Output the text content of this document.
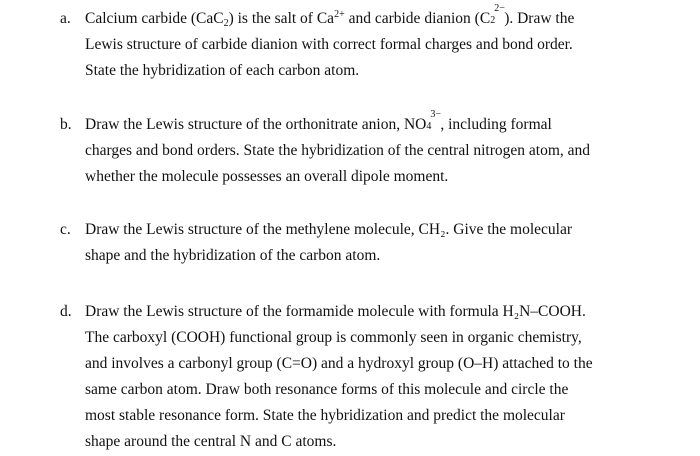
a. Calcium carbide (CaC$_2$) is the salt of $Ca^{2+}$ and carbide dianion (C 2
2−
). Draw the
Lewis structure of carbide dianion with correct formal charges and bond order.
State the hybridization of each carbon atom.
b. Draw the Lewis structure of the orthonitrate anion, NO 4
3−
, including formal
charges and bond orders. State the hybridization of the central nitrogen atom, and
whether the molecule possesses an overall dipole moment.
c. Draw the Lewis structure of the methylene molecule, CH₂. Give the molecular
shape and the hybridization of the carbon atom.
d. Draw the Lewis structure of the formamide molecule with formula H₂N–COOH.
The carboxyl (COOH) functional group is commonly seen in organic chemistry,
and involves a carbonyl group (C=O) and a hydroxyl group (O–H) attached to the
same carbon atom. Draw both resonance forms of this molecule and circle the
most stable resonance form. State the hybridization and predict the molecular
shape around the central N and C atoms.
